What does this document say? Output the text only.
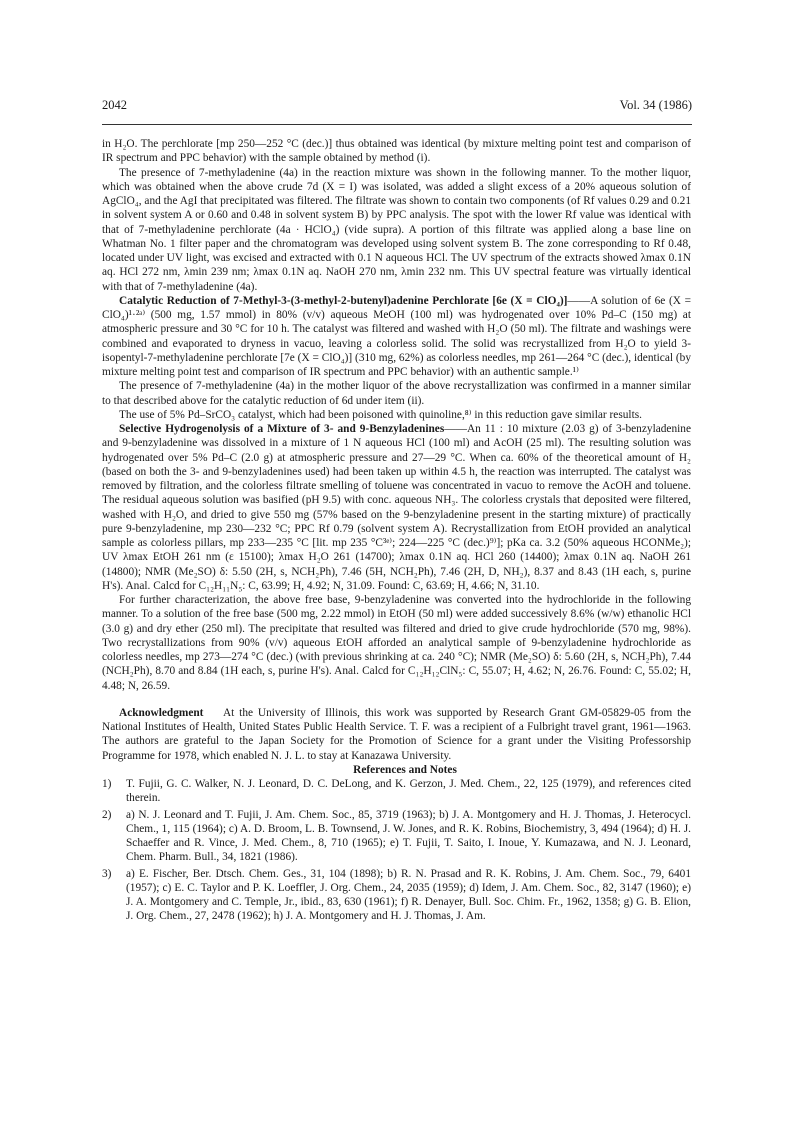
2042	Vol. 34 (1986)

in H₂O. The perchlorate [mp 250—252 °C (dec.)] thus obtained was identical (by mixture melting point test and comparison of IR spectrum and PPC behavior) with the sample obtained by method (i).

The presence of 7-methyladenine (4a) in the reaction mixture was shown in the following manner. To the mother liquor, which was obtained when the above crude 7d (X = I) was isolated, was added a slight excess of a 20% aqueous solution of AgClO₄, and the AgI that precipitated was filtered. The filtrate was shown to contain two components (of Rf values 0.29 and 0.21 in solvent system A or 0.60 and 0.48 in solvent system B) by PPC analysis. The spot with the lower Rf value was identical with that of 7-methyladenine perchlorate (4a · HClO₄) (vide supra). A portion of this filtrate was applied along a base line on Whatman No. 1 filter paper and the chromatogram was developed using solvent system B. The zone corresponding to Rf 0.48, located under UV light, was excised and extracted with 0.1 N aqueous HCl. The UV spectrum of the extracts showed λmax 0.1N aq. HCl 272 nm, λmin 239 nm; λmax 0.1N aq. NaOH 270 nm, λmin 232 nm. This UV spectral feature was virtually identical with that of 7-methyladenine (4a).

Catalytic Reduction of 7-Methyl-3-(3-methyl-2-butenyl)adenine Perchlorate [6e (X = ClO₄)]——A solution of 6e (X = ClO₄)¹·²ᵃ⁾ (500 mg, 1.57 mmol) in 80% (v/v) aqueous MeOH (100 ml) was hydrogenated over 10% Pd–C (150 mg) at atmospheric pressure and 30 °C for 10 h. The catalyst was filtered and washed with H₂O (50 ml). The filtrate and washings were combined and evaporated to dryness in vacuo, leaving a colorless solid. The solid was recrystallized from H₂O to yield 3-isopentyl-7-methyladenine perchlorate [7e (X = ClO₄)] (310 mg, 62%) as colorless needles, mp 261—264 °C (dec.), identical (by mixture melting point test and comparison of IR spectrum and PPC behavior) with an authentic sample.¹⁾

The presence of 7-methyladenine (4a) in the mother liquor of the above recrystallization was confirmed in a manner similar to that described above for the catalytic reduction of 6d under item (ii).

The use of 5% Pd–SrCO₃ catalyst, which had been poisoned with quinoline,⁸⁾ in this reduction gave similar results.

Selective Hydrogenolysis of a Mixture of 3- and 9-Benzyladenines——An 11 : 10 mixture (2.03 g) of 3-benzyladenine and 9-benzyladenine was dissolved in a mixture of 1 N aqueous HCl (100 ml) and AcOH (25 ml). The resulting solution was hydrogenated over 5% Pd–C (2.0 g) at atmospheric pressure and 27—29 °C. When ca. 60% of the theoretical amount of H₂ (based on both the 3- and 9-benzyladenines used) had been taken up within 4.5 h, the reaction was interrupted. The catalyst was removed by filtration, and the colorless filtrate smelling of toluene was concentrated in vacuo to remove the AcOH and toluene. The residual aqueous solution was basified (pH 9.5) with conc. aqueous NH₃. The colorless crystals that deposited were filtered, washed with H₂O, and dried to give 550 mg (57% based on the 9-benzyladenine present in the starting mixture) of practically pure 9-benzyladenine, mp 230—232 °C; PPC Rf 0.79 (solvent system A). Recrystallization from EtOH provided an analytical sample as colorless pillars, mp 233—235 °C [lit. mp 235 °C³ᵉ⁾; 224—225 °C (dec.)⁹⁾]; pKa ca. 3.2 (50% aqueous HCONMe₂); UV λmax EtOH 261 nm (ε 15100); λmax H₂O 261 (14700); λmax 0.1N aq. HCl 260 (14400); λmax 0.1N aq. NaOH 261 (14800); NMR (Me₂SO) δ: 5.50 (2H, s, NCH₂Ph), 7.46 (5H, NCH₂Ph), 7.46 (2H, D, NH₂), 8.37 and 8.43 (1H each, s, purine H's). Anal. Calcd for C₁₂H₁₁N₅: C, 63.99; H, 4.92; N, 31.09. Found: C, 63.69; H, 4.66; N, 31.10.

For further characterization, the above free base, 9-benzyladenine was converted into the hydrochloride in the following manner. To a solution of the free base (500 mg, 2.22 mmol) in EtOH (50 ml) were added successively 8.6% (w/w) ethanolic HCl (3.0 g) and dry ether (250 ml). The precipitate that resulted was filtered and dried to give crude hydrochloride (570 mg, 98%). Two recrystallizations from 90% (v/v) aqueous EtOH afforded an analytical sample of 9-benzyladenine hydrochloride as colorless needles, mp 273—274 °C (dec.) (with previous shrinking at ca. 240 °C); NMR (Me₂SO) δ: 5.60 (2H, s, NCH₂Ph), 7.44 (NCH₂Ph), 8.70 and 8.84 (1H each, s, purine H's). Anal. Calcd for C₁₂H₁₂ClN₅: C, 55.07; H, 4.62; N, 26.76. Found: C, 55.02; H, 4.48; N, 26.59.

Acknowledgment At the University of Illinois, this work was supported by Research Grant GM-05829-05 from the National Institutes of Health, United States Public Health Service. T. F. was a recipient of a Fulbright travel grant, 1961—1963. The authors are grateful to the Japan Society for the Promotion of Science for a grant under the Visiting Professorship Programme for 1978, which enabled N. J. L. to stay at Kanazawa University.

References and Notes

1) T. Fujii, G. C. Walker, N. J. Leonard, D. C. DeLong, and K. Gerzon, J. Med. Chem., 22, 125 (1979), and references cited therein.
2) a) N. J. Leonard and T. Fujii, J. Am. Chem. Soc., 85, 3719 (1963); b) J. A. Montgomery and H. J. Thomas, J. Heterocycl. Chem., 1, 115 (1964); c) A. D. Broom, L. B. Townsend, J. W. Jones, and R. K. Robins, Biochemistry, 3, 494 (1964); d) H. J. Schaeffer and R. Vince, J. Med. Chem., 8, 710 (1965); e) T. Fujii, T. Saito, I. Inoue, Y. Kumazawa, and N. J. Leonard, Chem. Pharm. Bull., 34, 1821 (1986).
3) a) E. Fischer, Ber. Dtsch. Chem. Ges., 31, 104 (1898); b) R. N. Prasad and R. K. Robins, J. Am. Chem. Soc., 79, 6401 (1957); c) E. C. Taylor and P. K. Loeffler, J. Org. Chem., 24, 2035 (1959); d) Idem, J. Am. Chem. Soc., 82, 3147 (1960); e) J. A. Montgomery and C. Temple, Jr., ibid., 83, 630 (1961); f) R. Denayer, Bull. Soc. Chim. Fr., 1962, 1358; g) G. B. Elion, J. Org. Chem., 27, 2478 (1962); h) J. A. Montgomery and H. J. Thomas, J. Am.
